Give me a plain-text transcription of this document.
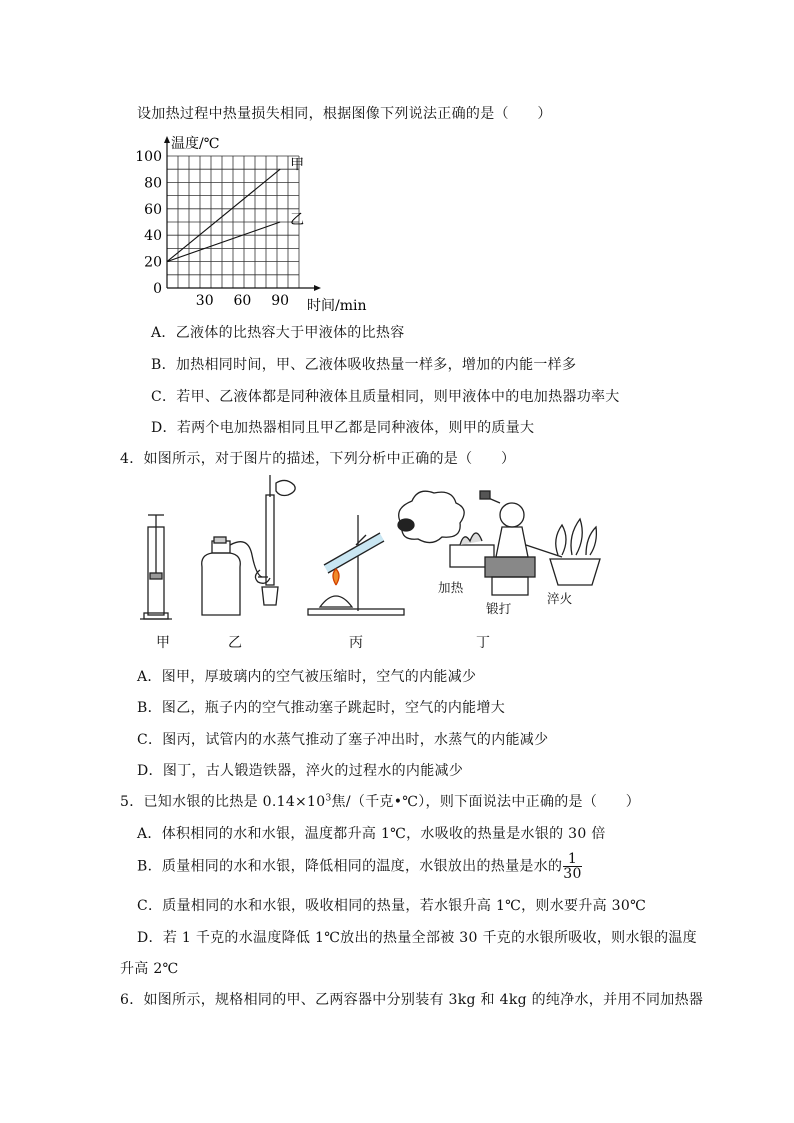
设加热过程中热量损失相同，根据图像下列说法正确的是（　　）
0
20
40
60
80
100
30 60 90
温度/℃
时间/min
甲
乙
A．乙液体的比热容大于甲液体的比热容
B．加热相同时间，甲、乙液体吸收热量一样多，增加的内能一样多
C．若甲、乙液体都是同种液体且质量相同，则甲液体中的电加热器功率大
D．若两个电加热器相同且甲乙都是同种液体，则甲的质量大
4．如图所示，对于图片的描述，下列分析中正确的是（　　）
甲	乙	丙	丁
加热
锻打
淬火
A．图甲，厚玻璃内的空气被压缩时，空气的内能减少
B．图乙，瓶子内的空气推动塞子跳起时，空气的内能增大
C．图丙，试管内的水蒸气推动了塞子冲出时，水蒸气的内能减少
D．图丁，古人锻造铁器，淬火的过程水的内能减少
5．已知水银的比热是 $0.14\times 10^3$焦/（千克•℃），则下面说法中正确的是（　　）
A．体积相同的水和水银，温度都升高 1℃，水吸收的热量是水银的 30 倍
B．质量相同的水和水银，降低相同的温度，水银放出的热量是水的 $\frac{1}{30}$
C．质量相同的水和水银，吸收相同的热量，若水银升高 1℃，则水要升高 30℃
D．若 1 千克的水温度降低 1℃放出的热量全部被 30 千克的水银所吸收，则水银的温度
升高 2℃
6．如图所示，规格相同的甲、乙两容器中分别装有 3kg 和 4kg 的纯净水，并用不同加热器
